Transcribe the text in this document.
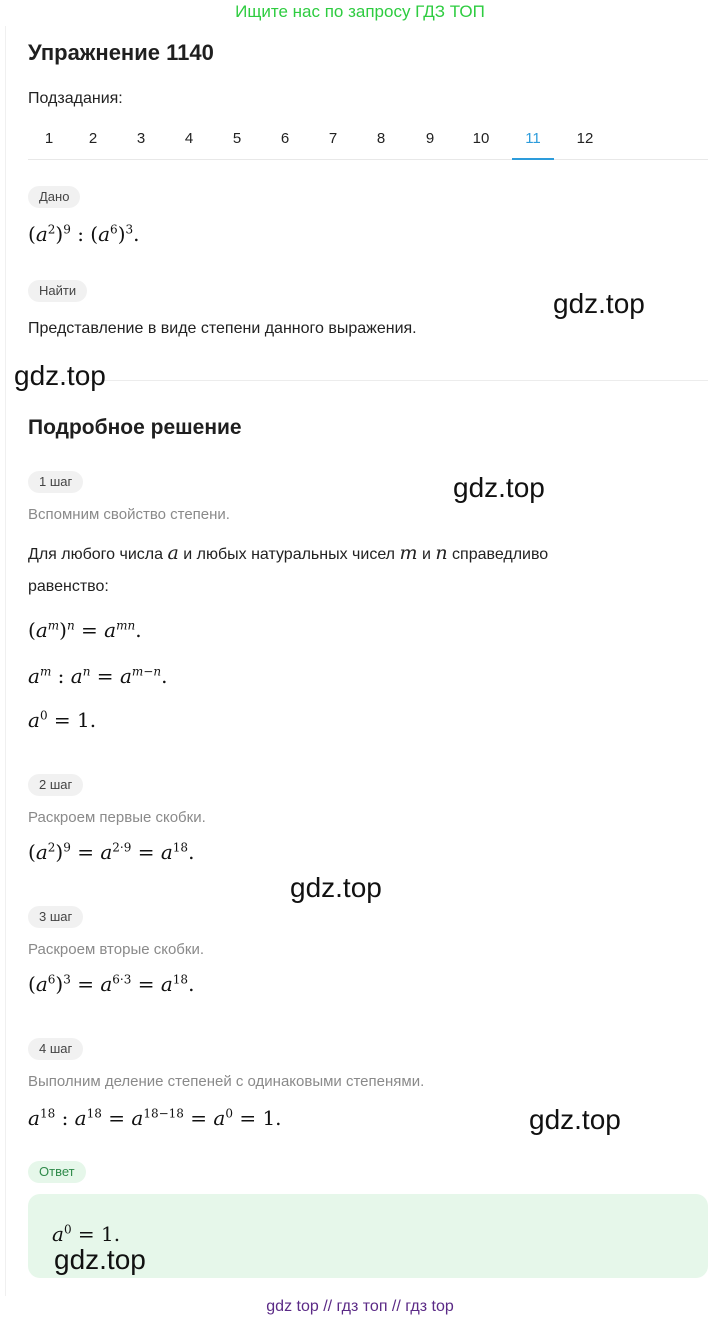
Ищите нас по запросу ГДЗ ТОП
Упражнение 1140
Подзадания:
1	2	3	4	5	6	7	8	9	10	11	12
Дано
$(a^2)^9$ : $(a^6)^3$.
Найти
Представление в виде степени данного выражения.
Подробное решение
1 шаг
Вспомним свойство степени.
Для любого числа a и любых натуральных чисел m и n справедливо
равенство:
$(a^m)^n = a^{mn}$.
$a^m$ : $a^n = a^{m-n}$.
$a^0 = 1$.
2 шаг
Раскроем первые скобки.
$(a^2)^9 = a^{2\cdot 9} = a^{18}$.
3 шаг
Раскроем вторые скобки.
$(a^6)^3 = a^{6\cdot 3} = a^{18}$.
4 шаг
Выполним деление степеней с одинаковыми степенями.
$a^{18}$ : $a^{18} = a^{18-18} = a^0 = 1$.
Ответ
$a^0 = 1$.
gdz.top
gdz.top
gdz.top
gdz.top
gdz.top
gdz.top
gdz top // гдз топ // гдз top
